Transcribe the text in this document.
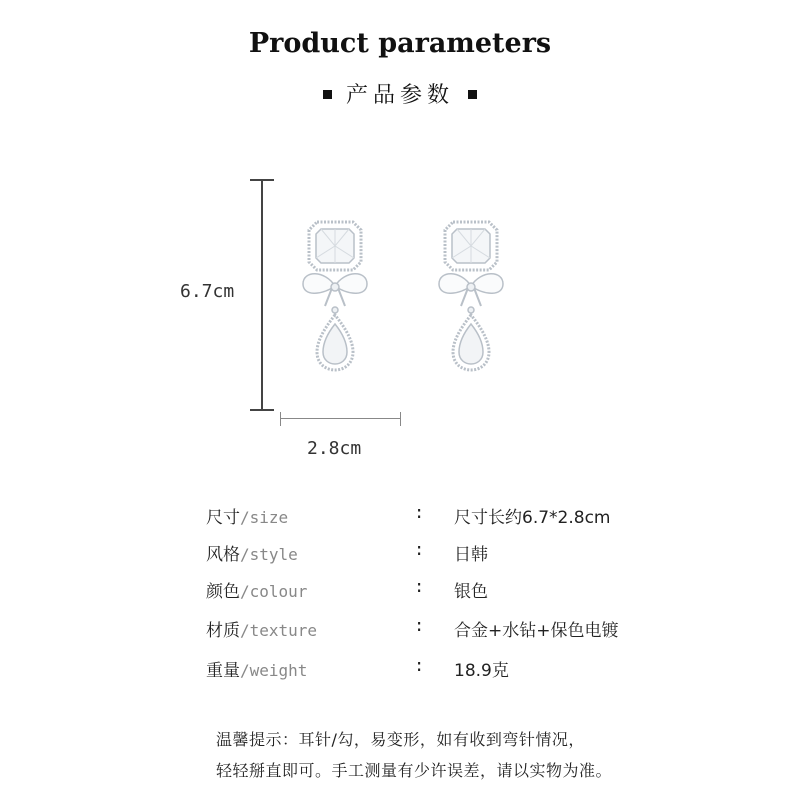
Product parameters
产品参数
6.7cm
2.8cm
尺寸/size	: 尺寸长约6.7*2.8cm
风格/style	: 日韩
颜色/colour	: 银色
材质/texture	: 合金+水钻+保色电镀
重量/weight	: 18.9克
温馨提示：耳针/勾，易变形，如有收到弯针情况，
轻轻掰直即可。手工测量有少许误差，请以实物为准。
